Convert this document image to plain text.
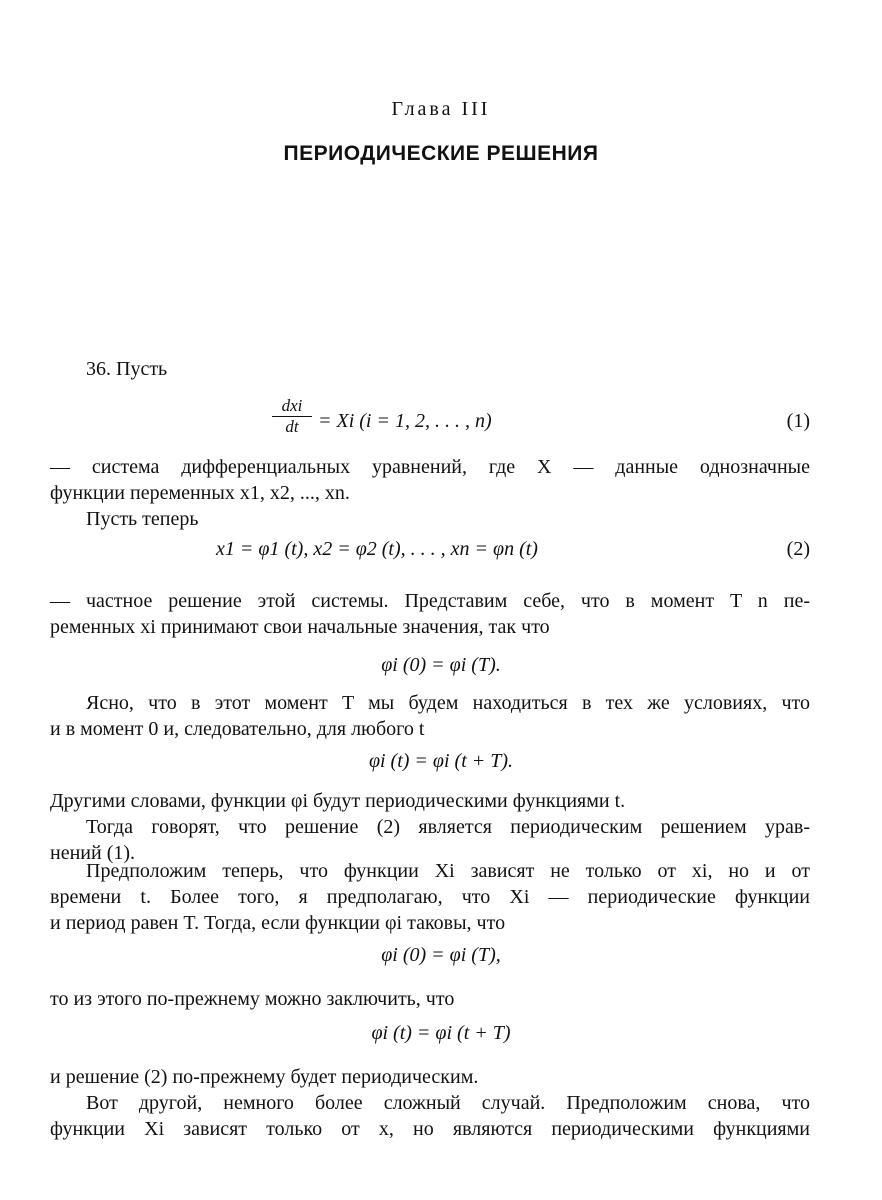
Глава III
ПЕРИОДИЧЕСКИЕ РЕШЕНИЯ
36. Пусть
dxi
dt = Xi (i = 1, 2, . . . , n)	(1)
— система дифференциальных уравнений, где X — данные однозначные
функции переменных x1, x2, ..., xn.
Пусть теперь
x1 = φ1 (t), x2 = φ2 (t), . . . , xn = φn (t)	(2)
— частное решение этой системы. Представим себе, что в момент T n пе-
ременных xi принимают свои начальные значения, так что
φi (0) = φi (T).
Ясно, что в этот момент T мы будем находиться в тех же условиях, что
и в момент 0 и, следовательно, для любого t
φi (t) = φi (t + T).
Другими словами, функции φi будут периодическими функциями t.
Тогда говорят, что решение (2) является периодическим решением урав-
нений (1).
Предположим теперь, что функции Xi зависят не только от xi, но и от
времени t. Более того, я предполагаю, что Xi — периодические функции
и период равен T. Тогда, если функции φi таковы, что
φi (0) = φi (T),
то из этого по-прежнему можно заключить, что
φi (t) = φi (t + T)
и решение (2) по-прежнему будет периодическим.
Вот другой, немного более сложный случай. Предположим снова, что
функции Xi зависят только от x, но являются периодическими функциями
